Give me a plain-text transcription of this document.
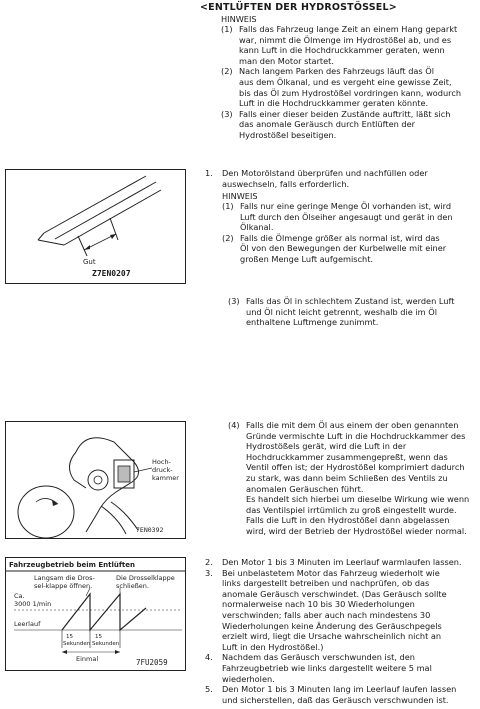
<ENTLÜFTEN DER HYDROSTÖSSEL>
HINWEIS
(1) Falls das Fahrzeug lange Zeit an einem Hang geparkt
war, nimmt die Ölmenge im Hydrostößel ab, und es
kann Luft in die Hochdruckkammer geraten, wenn
man den Motor startet.
(2) Nach langem Parken des Fahrzeugs läuft das Öl
aus dem Ölkanal, und es vergeht eine gewisse Zeit,
bis das Öl zum Hydrostößel vordringen kann, wodurch
Luft in die Hochdruckkammer geraten könnte.
(3) Falls einer dieser beiden Zustände auftritt, läßt sich
das anomale Geräusch durch Entlüften der
Hydrostößel beseitigen.
1. Den Motorölstand überprüfen und nachfüllen oder
auswechseln, falls erforderlich.
HINWEIS
(1) Falls nur eine geringe Menge Öl vorhanden ist, wird
Luft durch den Ölseiher angesaugt und gerät in den
Ölkanal.
(2) Falls die Ölmenge größer als normal ist, wird das
Öl von den Bewegungen der Kurbelwelle mit einer
großen Menge Luft aufgemischt.
(3) Falls das Öl in schlechtem Zustand ist, werden Luft
und Öl nicht leicht getrennt, weshalb die im Öl
enthaltene Luftmenge zunimmt.
(4) Falls die mit dem Öl aus einem der oben genannten
Gründe vermischte Luft in die Hochdruckkammer des
Hydrostößels gerät, wird die Luft in der
Hochdruckkammer zusammengepreßt, wenn das
Ventil offen ist; der Hydrostößel komprimiert dadurch
zu stark, was dann beim Schließen des Ventils zu
anomalen Geräuschen führt.
Es handelt sich hierbei um dieselbe Wirkung wie wenn
das Ventilspiel irrtümlich zu groß eingestellt wurde.
Falls die Luft in den Hydrostößel dann abgelassen
wird, wird der Betrieb der Hydrostößel wieder normal.
2. Den Motor 1 bis 3 Minuten im Leerlauf warmlaufen lassen.
3. Bei unbelastetem Motor das Fahrzeug wiederholt wie
links dargestellt betreiben und nachprüfen, ob das
anomale Geräusch verschwindet. (Das Geräusch sollte
normalerweise nach 10 bis 30 Wiederholungen
verschwinden; falls aber auch nach mindestens 30
Wiederholungen keine Änderung des Geräuschpegels
erzielt wird, liegt die Ursache wahrscheinlich nicht an
Luft in den Hydrostößel.)
4. Nachdem das Geräusch verschwunden ist, den
Fahrzeugbetrieb wie links dargestellt weitere 5 mal
wiederholen.
5. Den Motor 1 bis 3 Minuten lang im Leerlauf laufen lassen
und sicherstellen, daß das Geräusch verschwunden ist.
Gut
Z7EN0207
Hoch-
druck-
kammer
7EN0392
Fahrzeugbetrieb beim Entlüften
Langsam die Dros-
sel-klappe öffnen.
Die Drosselklappe
schließen.
Ca.
3000 1/min
Leerlauf
15
Sekunden
15
Sekunden
Einmal	7FU2059
